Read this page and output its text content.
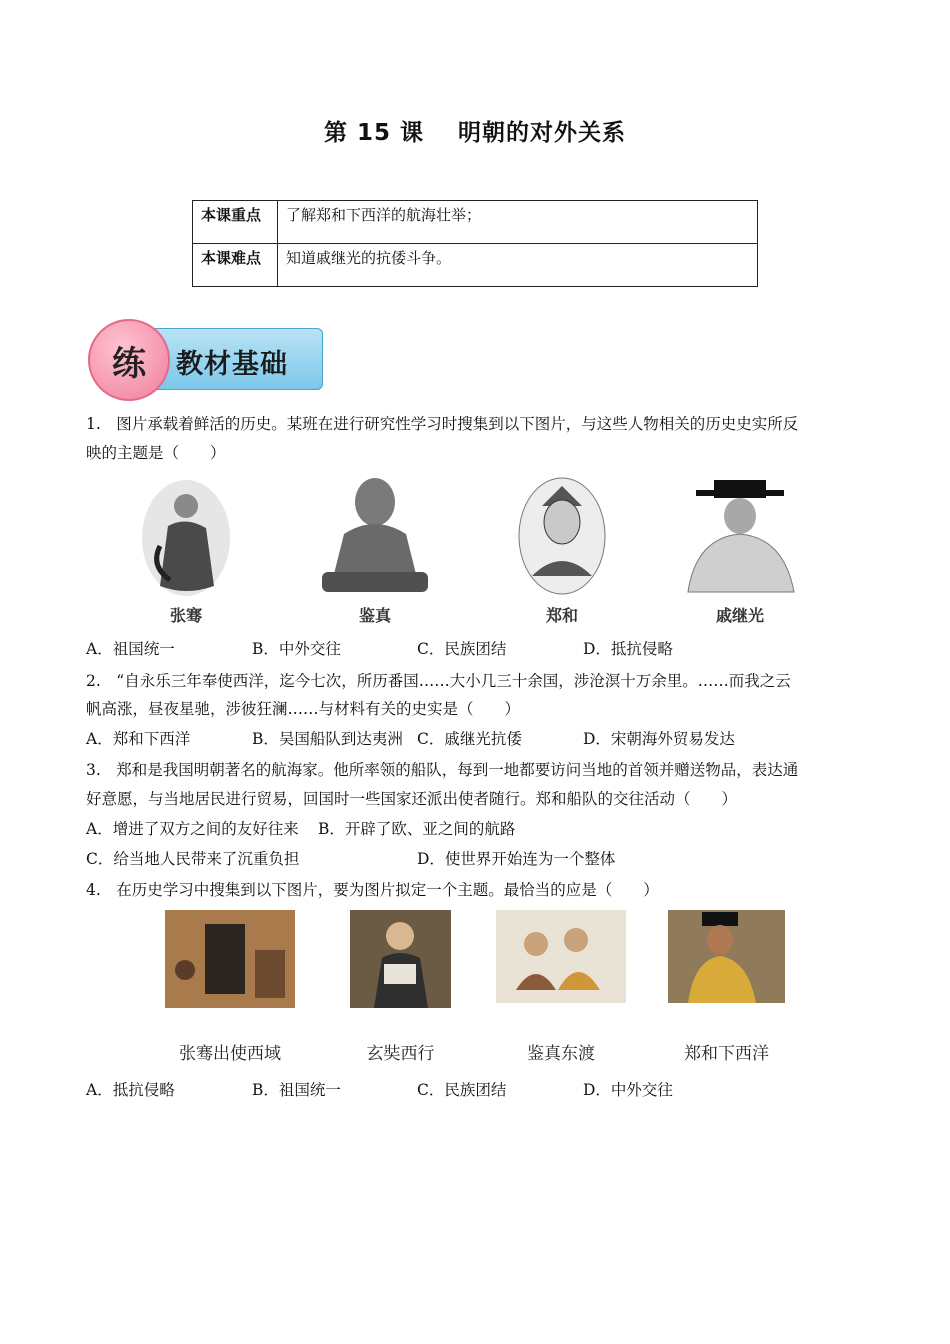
第 15 课 明朝的对外关系
本课重点	了解郑和下西洋的航海壮举；
本课难点	知道戚继光的抗倭斗争。
练	教材基础
1.　图片承载着鲜活的历史。某班在进行研究性学习时搜集到以下图片，与这些人物相关的历史史实所反
映的主题是（　　）
张骞	鉴真	郑和	戚继光
A．祖国统一	B．中外交往	C．民族团结	D．抵抗侵略
2.　“自永乐三年奉使西洋，迄今七次，所历番国……大小几三十余国，涉沧溟十万余里。……而我之云
帆高涨，昼夜星驰，涉彼狂澜……与材料有关的史实是（　　）
A．郑和下西洋	B．吴国船队到达夷洲 C．戚继光抗倭	D．宋朝海外贸易发达
3.　郑和是我国明朝著名的航海家。他所率领的船队，每到一地都要访问当地的首领并赠送物品，表达通
好意愿，与当地居民进行贸易，回国时一些国家还派出使者随行。郑和船队的交往活动（　　）
A．增进了双方之间的友好往来 B．开辟了欧、亚之间的航路
C．给当地人民带来了沉重负担	D．使世界开始连为一个整体
4.　在历史学习中搜集到以下图片，要为图片拟定一个主题。最恰当的应是（　　）
张骞出使西域	玄奘西行	鉴真东渡	郑和下西洋
A．抵抗侵略	B．祖国统一	C．民族团结	D．中外交往
